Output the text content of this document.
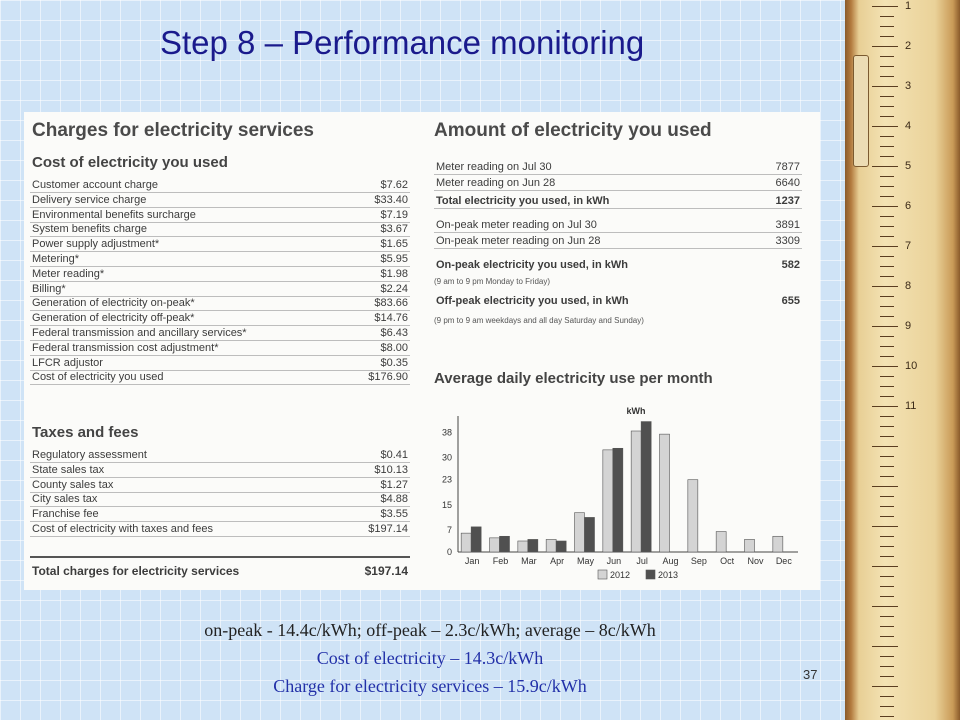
Step 8 – Performance monitoring
Charges for electricity services
Cost of electricity you used
Taxes and fees
Total charges for electricity services	$197.14
Amount of electricity you used
(9 am to 9 pm Monday to Friday)
(9 pm to 9 am weekdays and all day Saturday and Sunday)
Average daily electricity use per month
kWh
0
7
15
23
30
38
Jan Feb Mar Apr May Jun Jul Aug Sep Oct Nov Dec
2012	2013
Customer account charge	$7.62
Delivery service charge	$33.40
Environmental benefits surcharge	$7.19
System benefits charge	$3.67
Power supply adjustment*	$1.65
Metering*	$5.95
Meter reading*	$1.98
Billing*	$2.24
Generation of electricity on-peak*	$83.66
Generation of electricity off-peak*	$14.76
Federal transmission and ancillary services*	$6.43
Federal transmission cost adjustment*	$8.00
LFCR adjustor	$0.35
Cost of electricity you used	$176.90
Regulatory assessment	$0.41
State sales tax	$10.13
County sales tax	$1.27
City sales tax	$4.88
Franchise fee	$3.55
Cost of electricity with taxes and fees	$197.14
Meter reading on Jul 30	7877
Meter reading on Jun 28	6640
Total electricity you used, in kWh	1237
On-peak meter reading on Jul 30	3891
On-peak meter reading on Jun 28	3309
On-peak electricity you used, in kWh	582
Off-peak electricity you used, in kWh	655
on-peak - 14.4c/kWh; off-peak – 2.3c/kWh; average – 8c/kWh
Cost of electricity – 14.3c/kWh
Charge for electricity services – 15.9c/kWh
37
1
2
3
4
5
6
7
8
9
10
11
